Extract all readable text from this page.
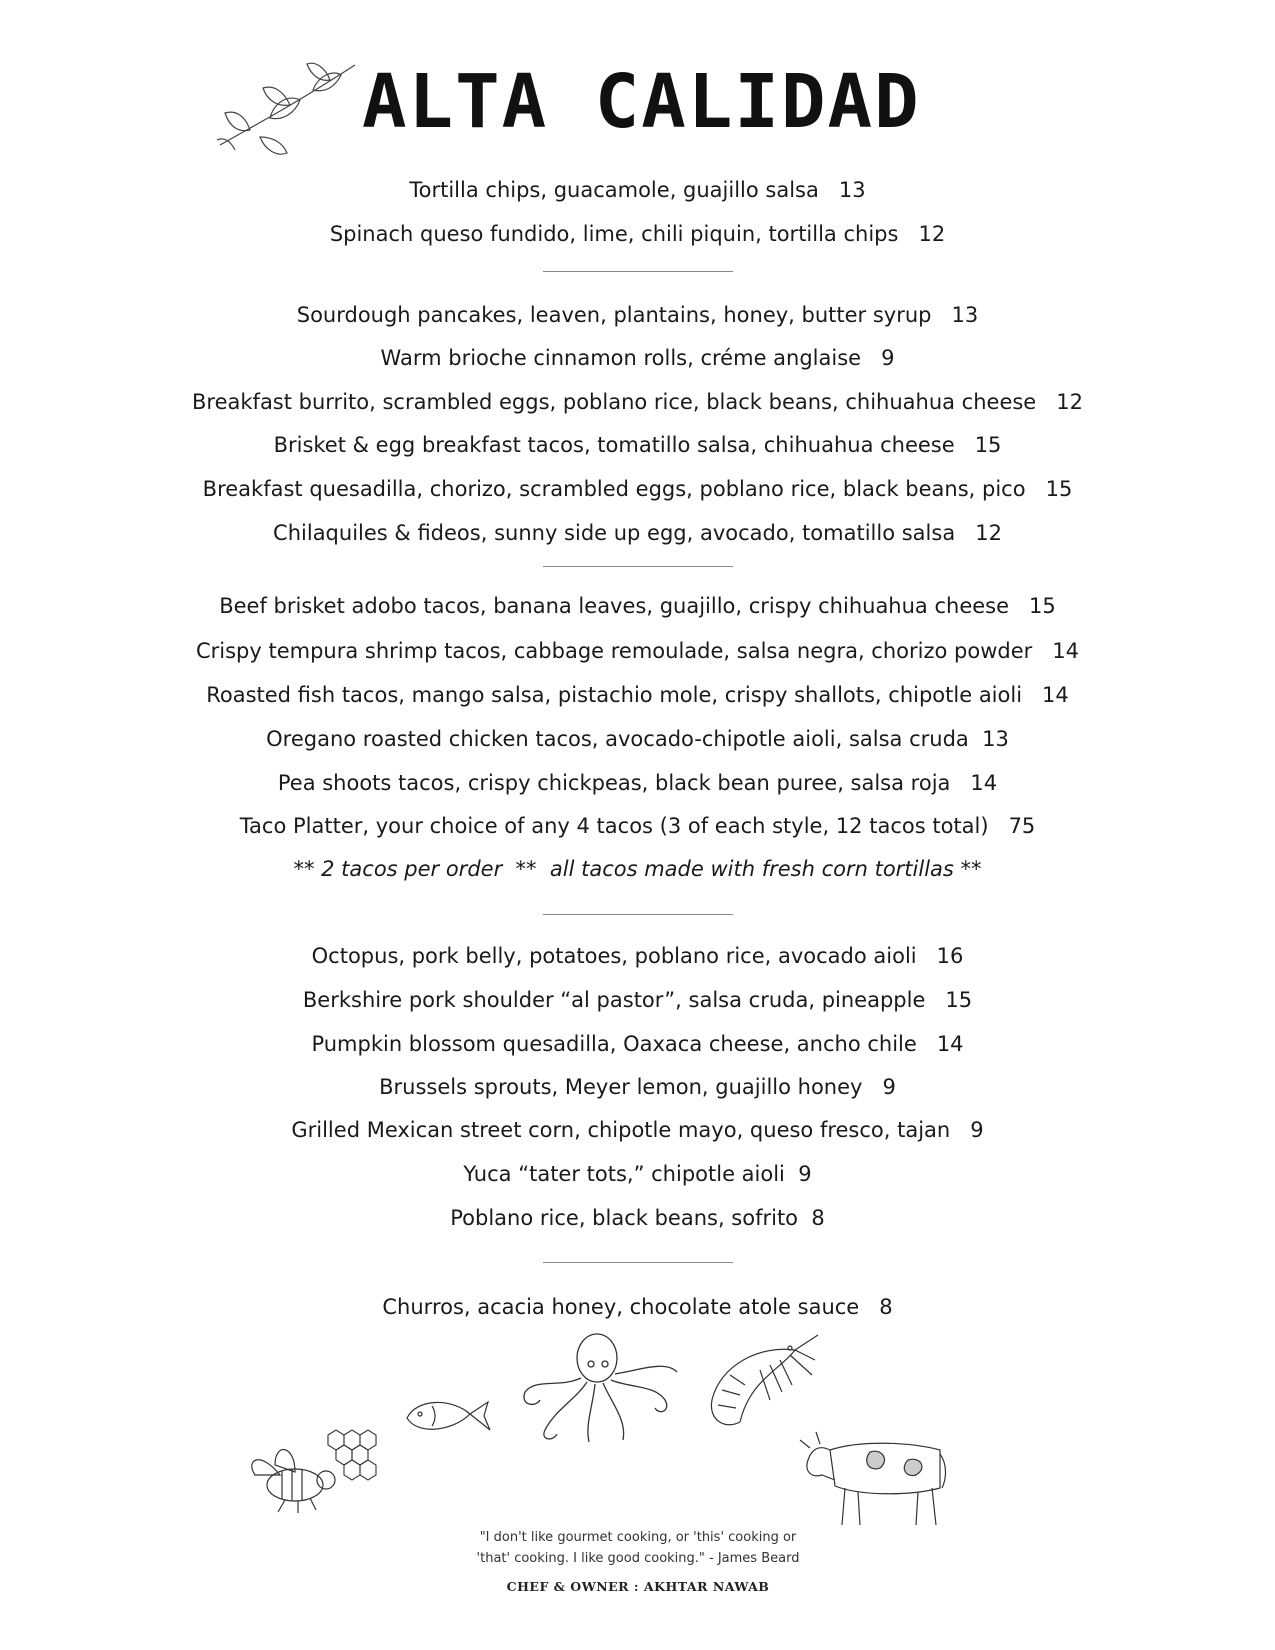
ALTA CALIDAD
Tortilla chips, guacamole, guajillo salsa   13
Spinach queso fundido, lime, chili piquin, tortilla chips   12
Sourdough pancakes, leaven, plantains, honey, butter syrup   13
Warm brioche cinnamon rolls, créme anglaise   9
Breakfast burrito, scrambled eggs, poblano rice, black beans, chihuahua cheese   12
Brisket & egg breakfast tacos, tomatillo salsa, chihuahua cheese   15
Breakfast quesadilla, chorizo, scrambled eggs, poblano rice, black beans, pico   15
Chilaquiles & fideos, sunny side up egg, avocado, tomatillo salsa   12
Beef brisket adobo tacos, banana leaves, guajillo, crispy chihuahua cheese   15
Crispy tempura shrimp tacos, cabbage remoulade, salsa negra, chorizo powder   14
Roasted fish tacos, mango salsa, pistachio mole, crispy shallots, chipotle aioli   14
Oregano roasted chicken tacos, avocado-chipotle aioli, salsa cruda  13
Pea shoots tacos, crispy chickpeas, black bean puree, salsa roja   14
Taco Platter, your choice of any 4 tacos (3 of each style, 12 tacos total)   75
** 2 tacos per order  **  all tacos made with fresh corn tortillas **
Octopus, pork belly, potatoes, poblano rice, avocado aioli   16
Berkshire pork shoulder “al pastor”, salsa cruda, pineapple   15
Pumpkin blossom quesadilla, Oaxaca cheese, ancho chile   14
Brussels sprouts, Meyer lemon, guajillo honey   9
Grilled Mexican street corn, chipotle mayo, queso fresco, tajan   9
Yuca “tater tots,” chipotle aioli  9
Poblano rice, black beans, sofrito  8
Churros, acacia honey, chocolate atole sauce   8
"I don't like gourmet cooking, or 'this' cooking or
'that' cooking. I like good cooking." - James Beard
CHEF & OWNER : AKHTAR NAWAB
